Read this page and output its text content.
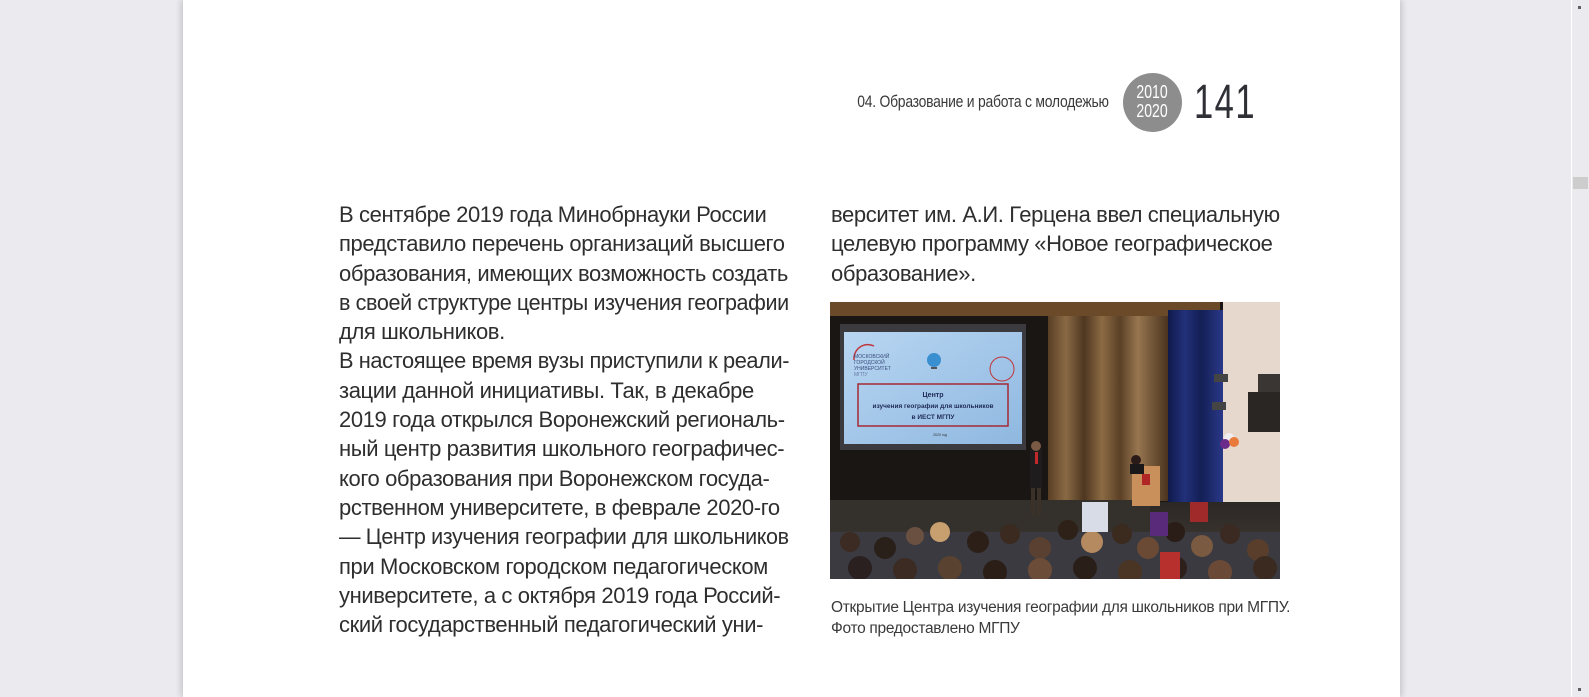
04. Образование и работа с молодежью 2010
2020 141
В сентябре 2019 года Минобрнауки России
представило перечень организаций высшего
образования, имеющих возможность создать
в своей структуре центры изучения географии
для школьников.
В настоящее время вузы приступили к реали-
зации данной инициативы. Так, в декабре
2019 года открылся Воронежский региональ-
ный центр развития школьного географичес-
кого образования при Воронежском госуда-
рственном университете, в феврале 2020-го
— Центр изучения географии для школьников
при Московском городском педагогическом
университете, а с октября 2019 года Россий-
ский государственный педагогический уни-
верситет им. А.И. Герцена ввел специальную
целевую программу «Новое географическое
образование».
МОСКОВСКИЙ
ГОРОДСКОЙ
УНИВЕРСИТЕТ
МГПУ
Центр
изучения географии для школьников
в ИЕСТ МГПУ
2020 год
Открытие Центра изучения географии для школьников при МГПУ.
Фото предоставлено МГПУ
